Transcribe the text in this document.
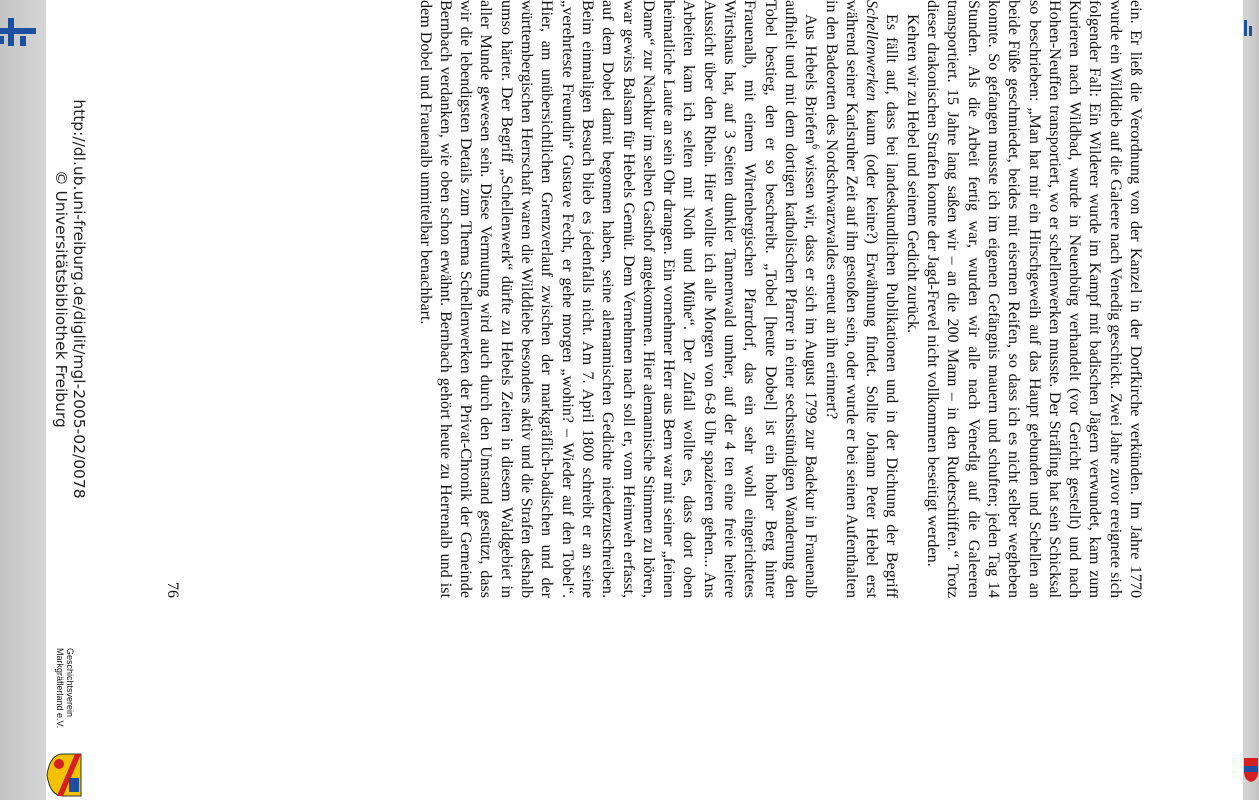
ein. Er ließ die Verordnung von der Kanzel in der Dorfkirche verkünden. Im Jahre 1770 wurde ein Wilddieb auf die Galeere nach Venedig geschickt. Zwei Jahre zuvor ereignete sich folgender Fall: Ein Wilderer wurde im Kampf mit badischen Jägern verwundet, kam zum Kurieren nach Wildbad, wurde in Neuenbürg verhandelt (vor Gericht gestellt) und nach Hohen-Neuffen transportiert, wo er schellenwerken musste. Der Sträfling hat sein Schicksal so beschrieben: „Man hat mir ein Hirschgeweih auf das Haupt gebunden und Schellen an beide Füße geschmiedet, beides mit eisernen Reifen, so dass ich es nicht selber wegheben konnte. So gefangen musste ich im eigenen Gefängnis mauern und schuften; jeden Tag 14 Stunden. Als die Arbeit fertig war, wurden wir alle nach Venedig auf die Galeeren transportiert. 15 Jahre lang saßen wir – an die 200 Mann – in den Ruderschiffen.“ Trotz dieser drakonischen Strafen konnte der Jagd-Frevel nicht vollkommen beseitigt werden.

Kehren wir zu Hebel und seinem Gedicht zurück.

Es fällt auf, dass bei landeskundlichen Publikationen und in der Dichtung der Begriff Schellenwerken kaum (oder keine?) Erwähnung findet. Sollte Johann Peter Hebel erst während seiner Karlsruher Zeit auf ihn gestoßen sein, oder wurde er bei seinen Aufenthalten in den Badeorten des Nordschwarzwaldes erneut an ihn erinnert?

Aus Hebels Briefen$^6$ wissen wir, dass er sich im August 1799 zur Badekur in Frauenalb aufhielt und mit dem dortigen katholischen Pfarrer in einer sechsstündigen Wanderung den Tobel bestieg, den er so beschreibt. „Tobel [heute Dobel] ist ein hoher Berg hinter Frauenalb, mit einem Wirtenbergischen Pfarrdorf, das ein sehr wohl eingerichtetes Wirtshaus hat, auf 3 Seiten dunkler Tannenwald umher, auf der 4 ten eine freie heitere Aussicht über den Rhein. Hier wollte ich alle Morgen von 6-8 Uhr spazieren gehen... Ans Arbeiten kam ich selten mit Noth und Mühe“. Der Zufall wollte es, dass dort oben heimatliche Laute an sein Ohr drangen. Ein vornehmer Herr aus Bern war mit seiner „feinen Dame“ zur Nachkur im selben Gasthof angekommen. Hier alemannische Stimmen zu hören, war gewiss Balsam für Hebels Gemüt. Dem Vernehmen nach soll er, vom Heimweh erfasst, auf dem Dobel damit begonnen haben, seine alemannischen Gedichte niederzuschreiben. Beim einmaligen Besuch blieb es jedenfalls nicht. Am 7. April 1800 schreibt er an seine „verehrteste Freundin“ Gustave Fecht, er gehe morgen „wohin? – Wieder auf den Tobel“. Hier, am unübersichtlichen Grenzverlauf zwischen der markgräflich-badischen und der württembergischen Herrschaft waren die Wilddiebe besonders aktiv und die Strafen deshalb umso härter. Der Begriff „Schellenwerk“ dürfte zu Hebels Zeiten in diesem Waldgebiet in aller Munde gewesen sein. Diese Vermutung wird auch durch den Umstand gestützt, dass wir die lebendigsten Details zum Thema Schellenwerken der Privat-Chronik der Gemeinde Bernbach verdanken, wie oben schon erwähnt. Bernbach gehört heute zu Herrenalb und ist dem Dobel und Frauenalb unmittelbar benachbart.

76
http://dl.ub.uni-freiburg.de/diglit/mgl-2005-02/0078
© Universitätsbibliothek Freiburg
Geschichtsverein
Markgräflerland e.V.
